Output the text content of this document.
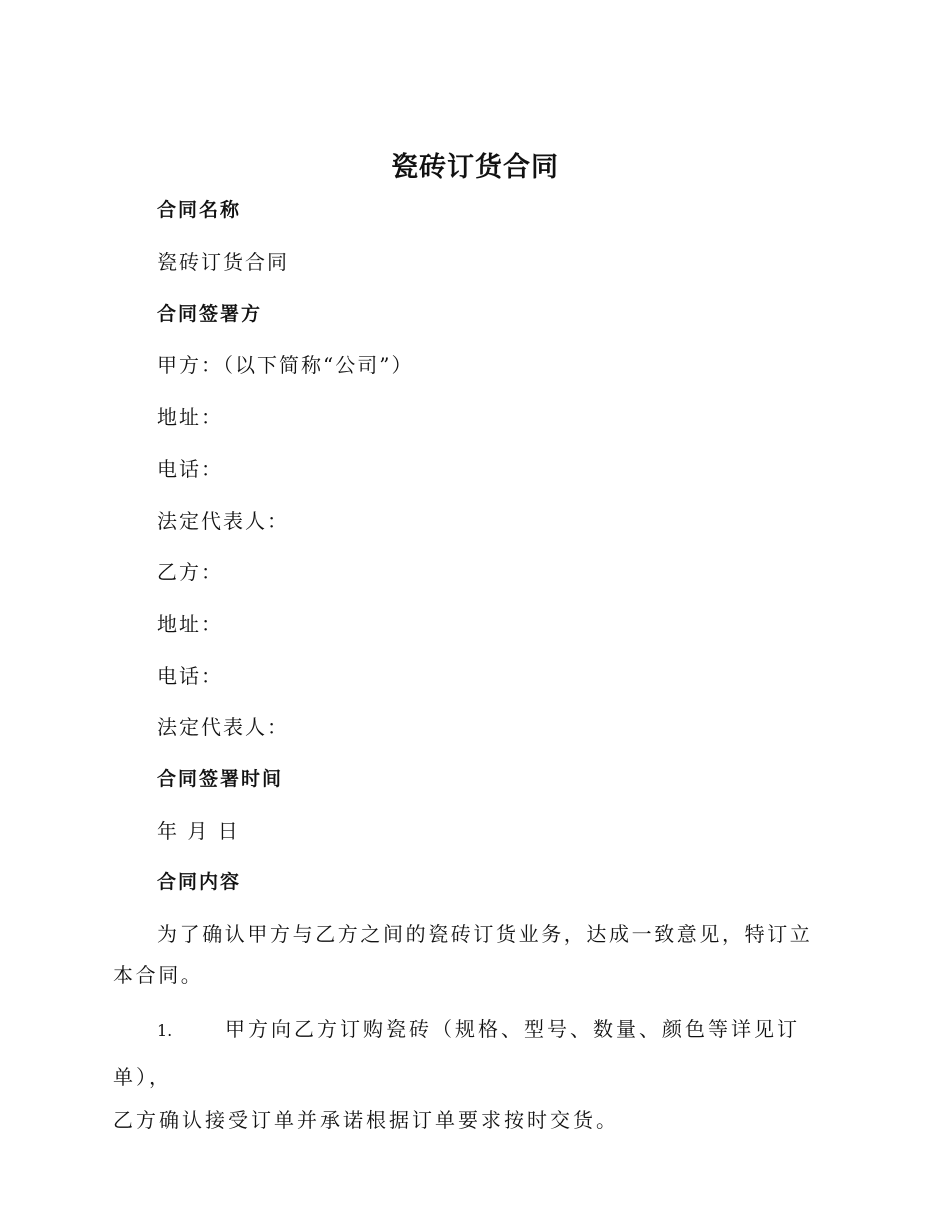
瓷砖订货合同

合同名称

瓷砖订货合同

合同签署方

甲方：（以下简称“公司”）

地址：

电话：

法定代表人：

乙方：

地址：

电话：

法定代表人：

合同签署时间

年 月 日

合同内容

为了确认甲方与乙方之间的瓷砖订货业务，达成一致意见，特订立本合同。

1.	甲方向乙方订购瓷砖（规格、型号、数量、颜色等详见订单），
乙方确认接受订单并承诺根据订单要求按时交货。
